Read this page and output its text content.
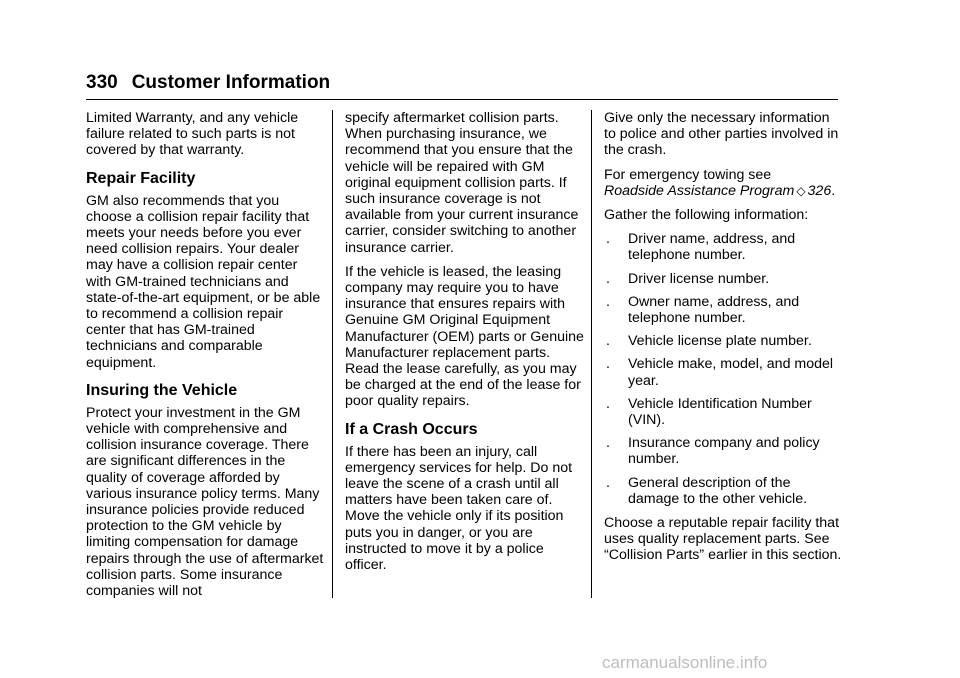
330 Customer Information

Limited Warranty, and any vehicle failure related to such parts is not covered by that warranty.

Repair Facility

GM also recommends that you choose a collision repair facility that meets your needs before you ever need collision repairs. Your dealer may have a collision repair center with GM-trained technicians and state-of-the-art equipment, or be able to recommend a collision repair center that has GM-trained technicians and comparable equipment.

Insuring the Vehicle

Protect your investment in the GM vehicle with comprehensive and collision insurance coverage. There are significant differences in the quality of coverage afforded by various insurance policy terms. Many insurance policies provide reduced protection to the GM vehicle by limiting compensation for damage repairs through the use of aftermarket collision parts. Some insurance companies will not

specify aftermarket collision parts. When purchasing insurance, we recommend that you ensure that the vehicle will be repaired with GM original equipment collision parts. If such insurance coverage is not available from your current insurance carrier, consider switching to another insurance carrier.

If the vehicle is leased, the leasing company may require you to have insurance that ensures repairs with Genuine GM Original Equipment Manufacturer (OEM) parts or Genuine Manufacturer replacement parts. Read the lease carefully, as you may be charged at the end of the lease for poor quality repairs.

If a Crash Occurs

If there has been an injury, call emergency services for help. Do not leave the scene of a crash until all matters have been taken care of. Move the vehicle only if its position puts you in danger, or you are instructed to move it by a police officer.

Give only the necessary information to police and other parties involved in the crash.

For emergency towing see
Roadside Assistance Program ◇ 326.

Gather the following information:

. Driver name, address, and telephone number.
. Driver license number.
. Owner name, address, and telephone number.
. Vehicle license plate number.
. Vehicle make, model, and model year.
. Vehicle Identification Number (VIN).
. Insurance company and policy number.
. General description of the damage to the other vehicle.

Choose a reputable repair facility that uses quality replacement parts. See “Collision Parts” earlier in this section.

carmanualsonline.info
